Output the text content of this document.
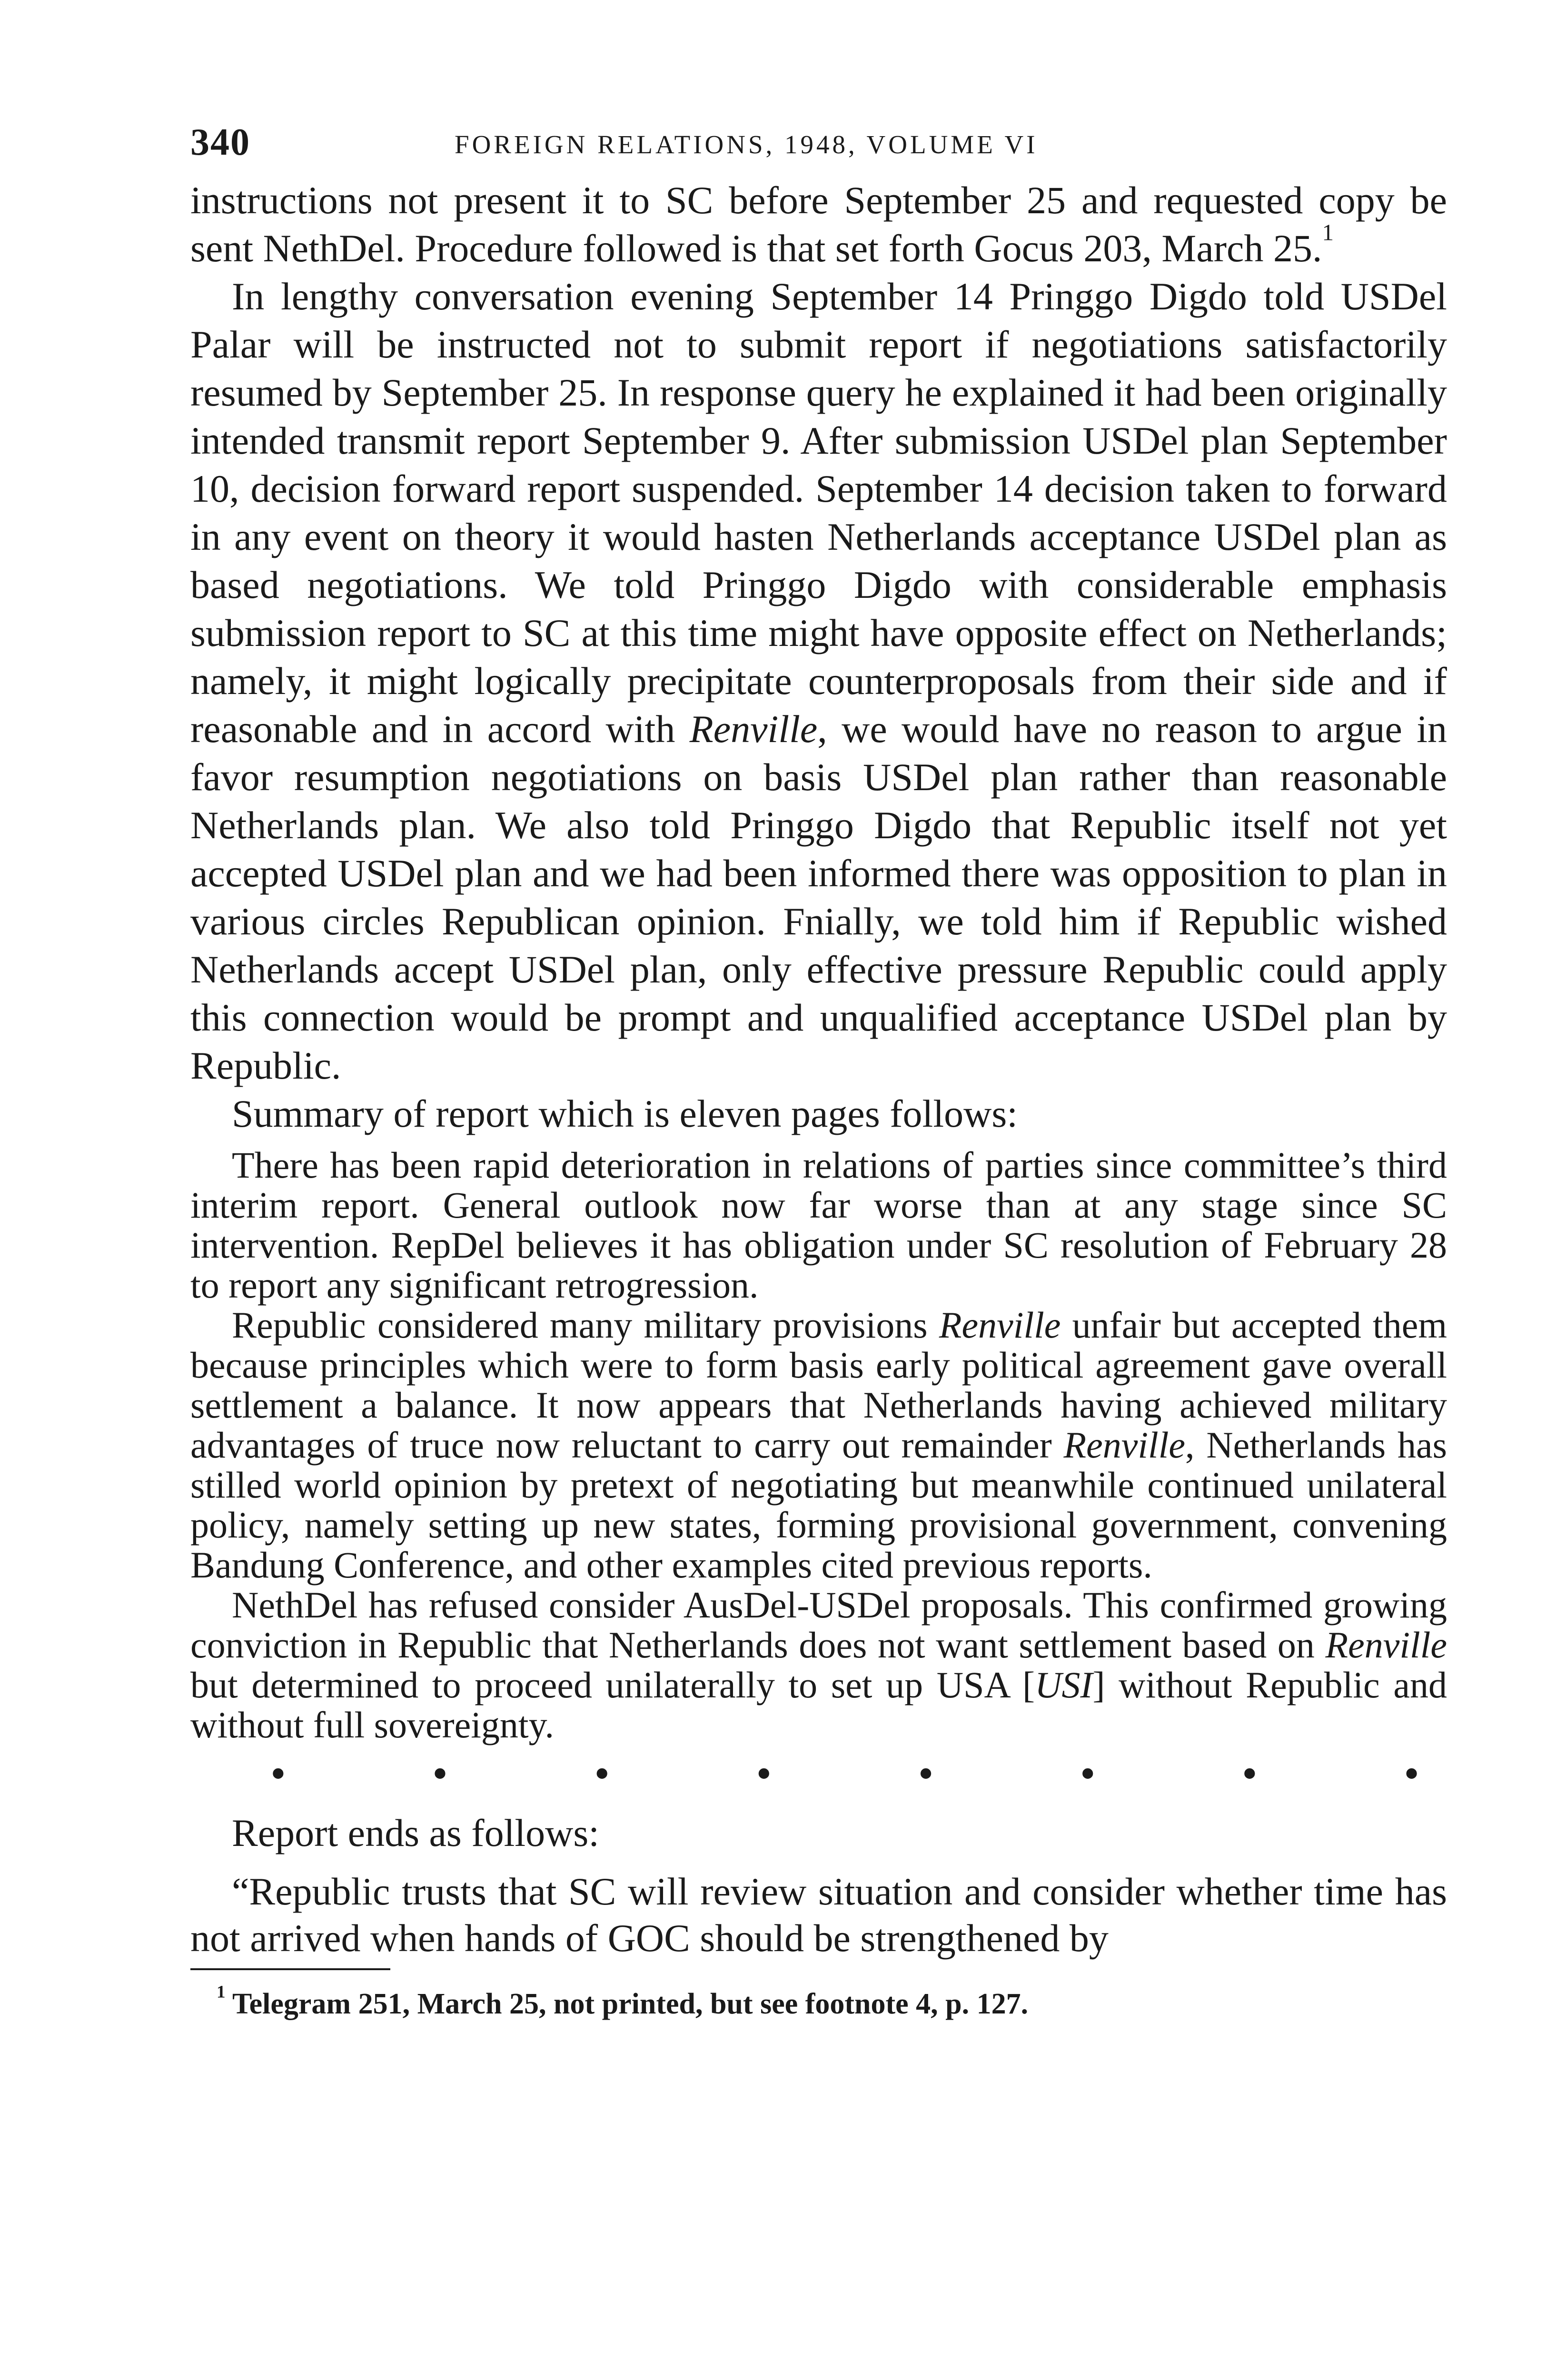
340	FOREIGN RELATIONS, 1948, VOLUME VI

instructions not present it to SC before September 25 and requested copy be sent NethDel. Procedure followed is that set forth Gocus 203, March 25.$^1$

In lengthy conversation evening September 14 Pringgo Digdo told USDel Palar will be instructed not to submit report if negotiations satisfactorily resumed by September 25. In response query he explained it had been originally intended transmit report September 9. After submission USDel plan September 10, decision forward report suspended. September 14 decision taken to forward in any event on theory it would hasten Netherlands acceptance USDel plan as based negotiations. We told Pringgo Digdo with considerable emphasis submission report to SC at this time might have opposite effect on Netherlands; namely, it might logically precipitate counterproposals from their side and if reasonable and in accord with Renville, we would have no reason to argue in favor resumption negotiations on basis USDel plan rather than reasonable Netherlands plan. We also told Pringgo Digdo that Republic itself not yet accepted USDel plan and we had been informed there was opposition to plan in various circles Republican opinion. Fnially, we told him if Republic wished Netherlands accept USDel plan, only effective pressure Republic could apply this connection would be prompt and unqualified acceptance USDel plan by Republic.

Summary of report which is eleven pages follows:

There has been rapid deterioration in relations of parties since committee’s third interim report. General outlook now far worse than at any stage since SC intervention. RepDel believes it has obligation under SC resolution of February 28 to report any significant retrogression.

Republic considered many military provisions Renville unfair but accepted them because principles which were to form basis early political agreement gave overall settlement a balance. It now appears that Netherlands having achieved military advantages of truce now reluctant to carry out remainder Renville, Netherlands has stilled world opinion by pretext of negotiating but meanwhile continued unilateral policy, namely setting up new states, forming provisional government, convening Bandung Conference, and other examples cited previous reports.

NethDel has refused consider AusDel-USDel proposals. This confirmed growing conviction in Republic that Netherlands does not want settlement based on Renville but determined to proceed unilaterally to set up USA [USI] without Republic and without full sovereignty.

•	•	•	•	•	•	•	•

Report ends as follows:

“Republic trusts that SC will review situation and consider whether time has not arrived when hands of GOC should be strengthened by

$^1$ Telegram 251, March 25, not printed, but see footnote 4, p. 127.
